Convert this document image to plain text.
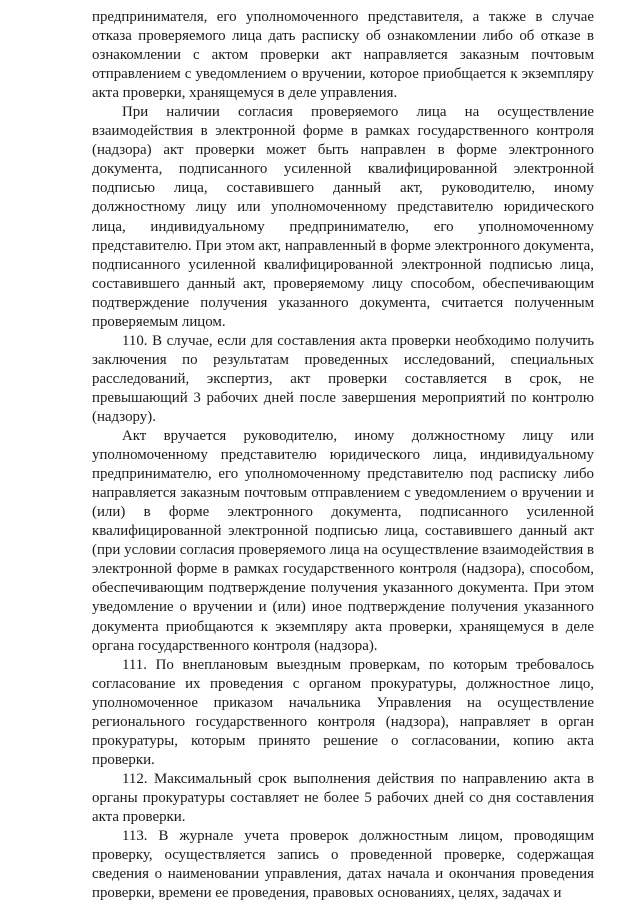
предпринимателя, его уполномоченного представителя, а также в случае отказа проверяемого лица дать расписку об ознакомлении либо об отказе в ознакомлении с актом проверки акт направляется заказным почтовым отправлением с уведомлением о вручении, которое приобщается к экземпляру акта проверки, хранящемуся в деле управления.

При наличии согласия проверяемого лица на осуществление взаимодействия в электронной форме в рамках государственного контроля (надзора) акт проверки может быть направлен в форме электронного документа, подписанного усиленной квалифицированной электронной подписью лица, составившего данный акт, руководителю, иному должностному лицу или уполномоченному представителю юридического лица, индивидуальному предпринимателю, его уполномоченному представителю. При этом акт, направленный в форме электронного документа, подписанного усиленной квалифицированной электронной подписью лица, составившего данный акт, проверяемому лицу способом, обеспечивающим подтверждение получения указанного документа, считается полученным проверяемым лицом.

110. В случае, если для составления акта проверки необходимо получить заключения по результатам проведенных исследований, специальных расследований, экспертиз, акт проверки составляется в срок, не превышающий 3 рабочих дней после завершения мероприятий по контролю (надзору).

Акт вручается руководителю, иному должностному лицу или уполномоченному представителю юридического лица, индивидуальному предпринимателю, его уполномоченному представителю под расписку либо направляется заказным почтовым отправлением с уведомлением о вручении и (или) в форме электронного документа, подписанного усиленной квалифицированной электронной подписью лица, составившего данный акт (при условии согласия проверяемого лица на осуществление взаимодействия в электронной форме в рамках государственного контроля (надзора), способом, обеспечивающим подтверждение получения указанного документа. При этом уведомление о вручении и (или) иное подтверждение получения указанного документа приобщаются к экземпляру акта проверки, хранящемуся в деле органа государственного контроля (надзора).

111. По внеплановым выездным проверкам, по которым требовалось согласование их проведения с органом прокуратуры, должностное лицо, уполномоченное приказом начальника Управления на осуществление регионального государственного контроля (надзора), направляет в орган прокуратуры, которым принято решение о согласовании, копию акта проверки.

112. Максимальный срок выполнения действия по направлению акта в органы прокуратуры составляет не более 5 рабочих дней со дня составления акта проверки.

113. В журнале учета проверок должностным лицом, проводящим проверку, осуществляется запись о проведенной проверке, содержащая сведения о наименовании управления, датах начала и окончания проведения проверки, времени ее проведения, правовых основаниях, целях, задачах и
